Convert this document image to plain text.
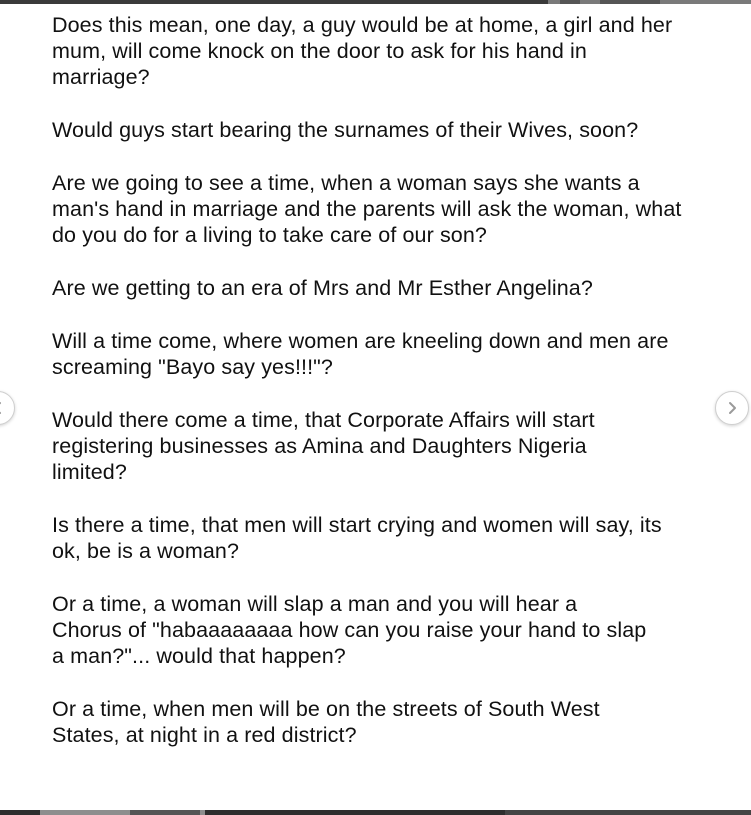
Does this mean, one day, a guy would be at home, a girl and her mum, will come knock on the door to ask for his hand in marriage?

Would guys start bearing the surnames of their Wives, soon?

Are we going to see a time, when a woman says she wants a man's hand in marriage and the parents will ask the woman, what do you do for a living to take care of our son?

Are we getting to an era of Mrs and Mr Esther Angelina?

Will a time come, where women are kneeling down and men are screaming "Bayo say yes!!!"?

Would there come a time, that Corporate Affairs will start registering businesses as Amina and Daughters Nigeria limited?

Is there a time, that men will start crying and women will say, its ok, be is a woman?

Or a time, a woman will slap a man and you will hear a Chorus of "habaaaaaaaa how can you raise your hand to slap a man?"... would that happen?

Or a time, when men will be on the streets of South West States, at night in a red district?
